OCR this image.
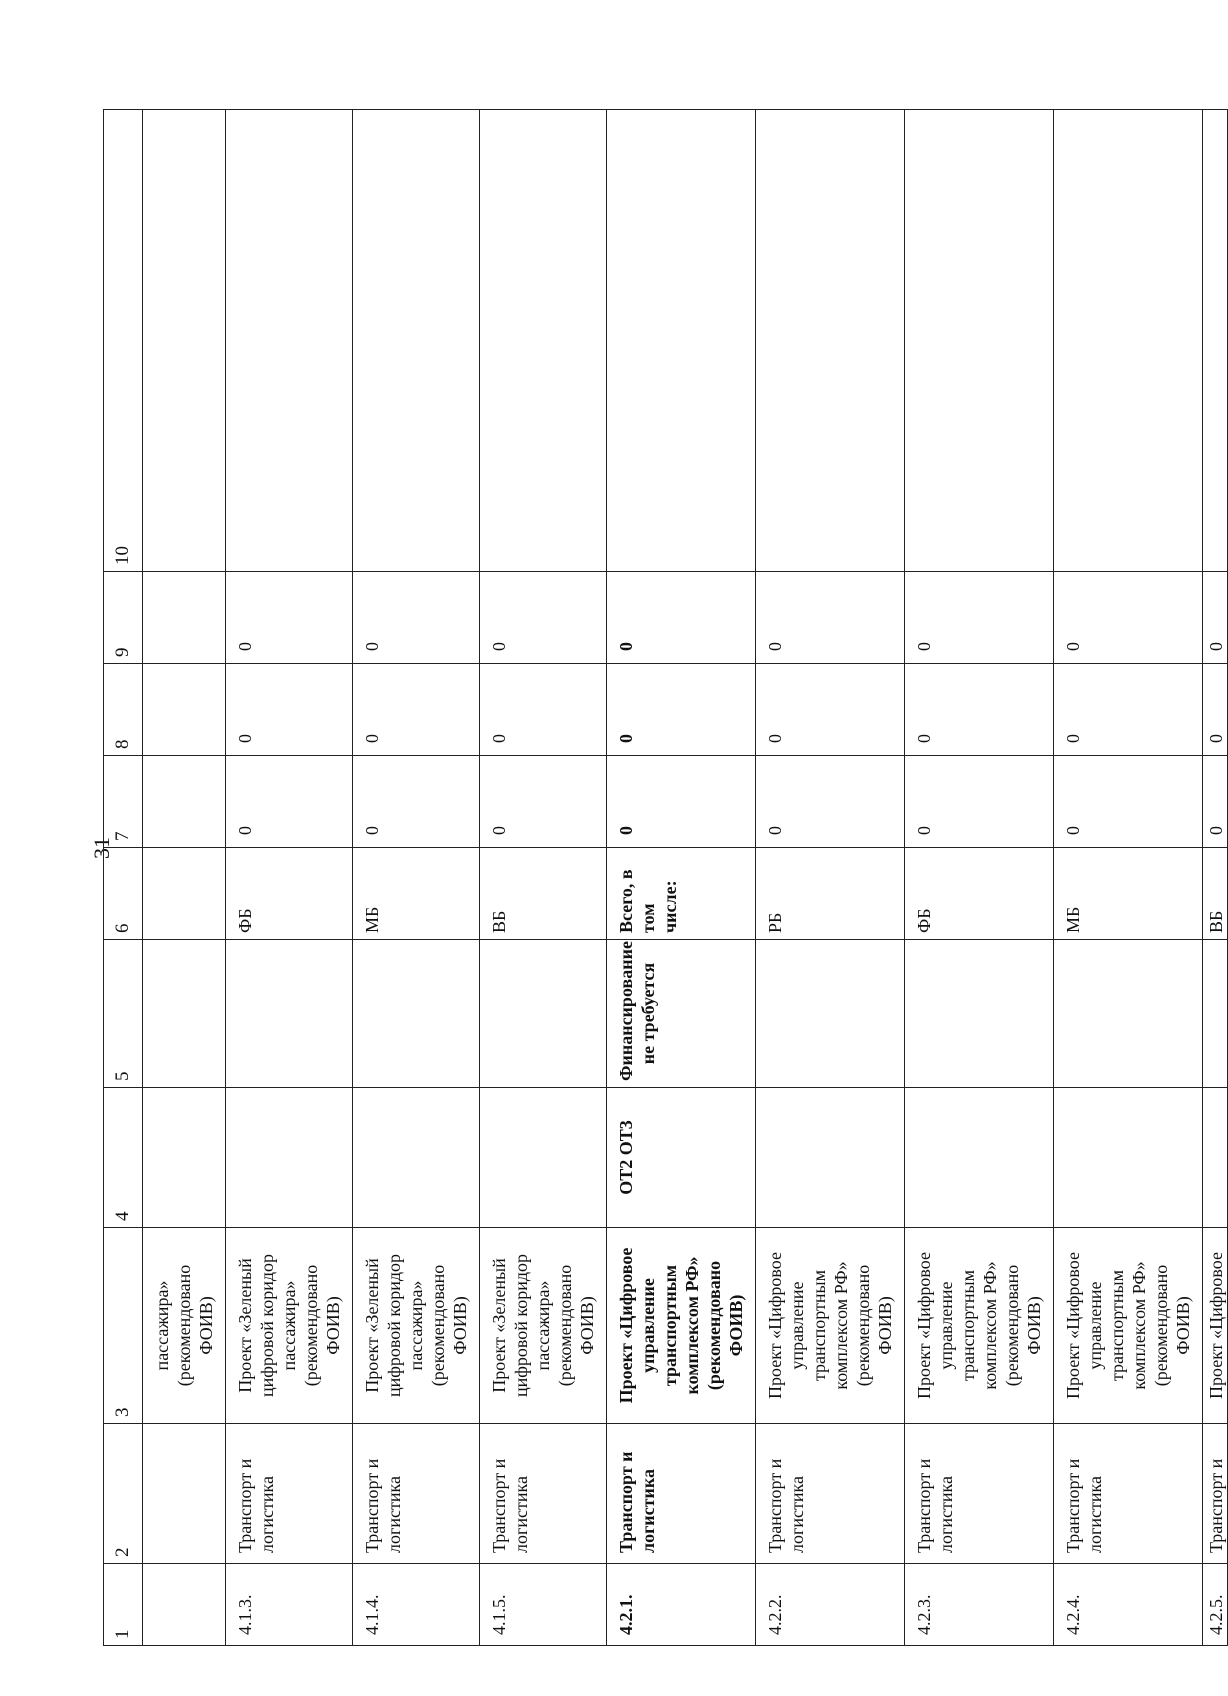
31
1	2	3	4	5	6	7	8	9	10
		пассажира» (рекомендовано ФОИВ)							
4.1.3.	Транспорт и логистика	Проект «Зеленый цифровой коридор пассажира» (рекомендовано ФОИВ)			ФБ	0	0	0	
4.1.4.	Транспорт и логистика	Проект «Зеленый цифровой коридор пассажира» (рекомендовано ФОИВ)			МБ	0	0	0	
4.1.5.	Транспорт и логистика	Проект «Зеленый цифровой коридор пассажира» (рекомендовано ФОИВ)			ВБ	0	0	0	
4.2.1.	Транспорт и логистика	Проект «Цифровое управление транспортным комплексом РФ» (рекомендовано ФОИВ)	ОТ2 ОТ3	Финансирование не требуется	Всего, в том числе:	0	0	0	
4.2.2.	Транспорт и логистика	Проект «Цифровое управление транспортным комплексом РФ» (рекомендовано ФОИВ)			РБ	0	0	0	
4.2.3.	Транспорт и логистика	Проект «Цифровое управление транспортным комплексом РФ» (рекомендовано ФОИВ)			ФБ	0	0	0	
4.2.4.	Транспорт и логистика	Проект «Цифровое управление транспортным комплексом РФ» (рекомендовано ФОИВ)			МБ	0	0	0	
4.2.5.	Транспорт и	Проект «Цифровое			ВБ	0	0	0	
